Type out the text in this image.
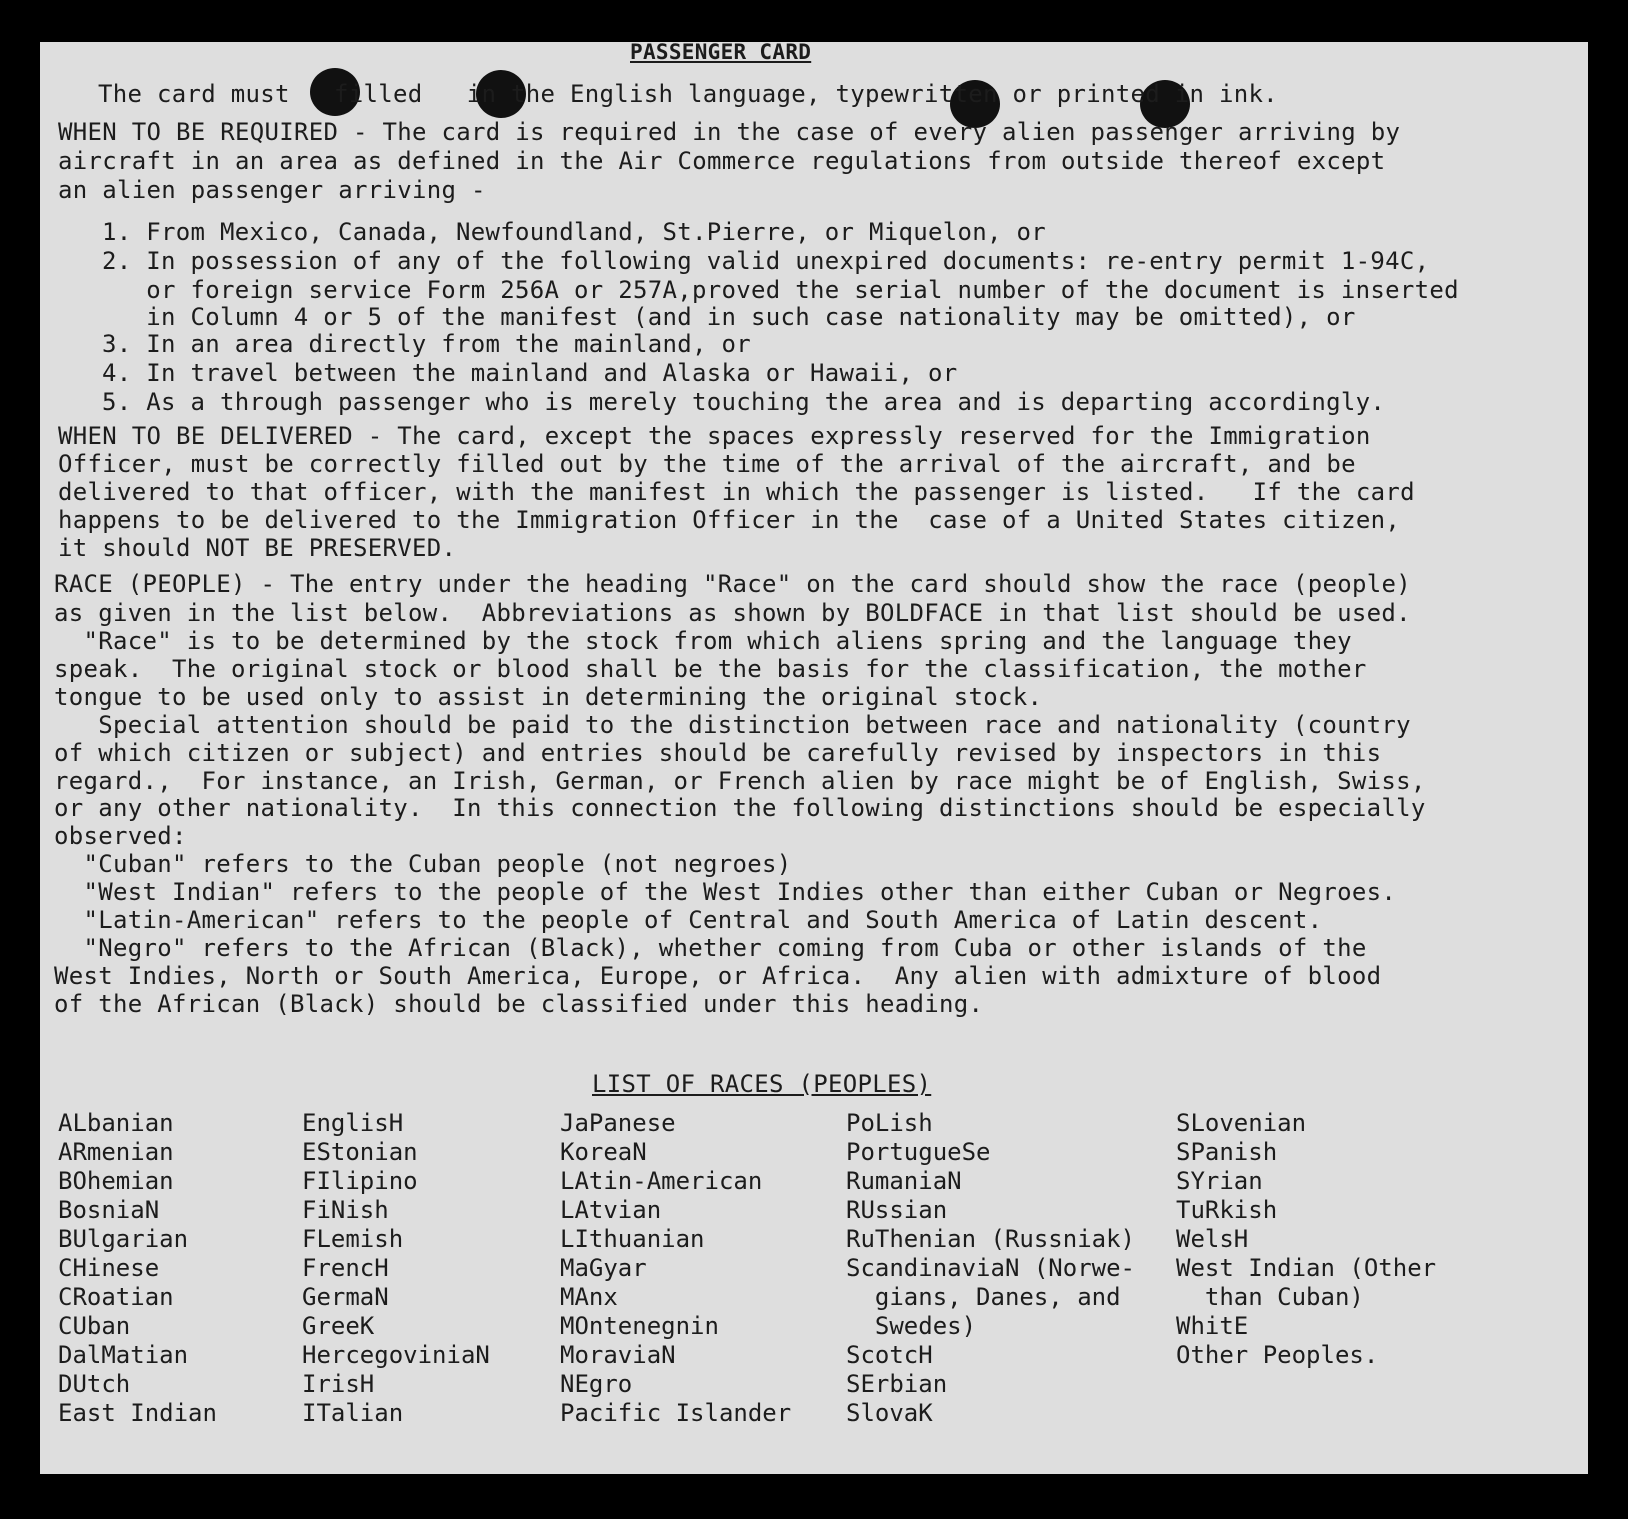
PASSENGER CARD
The card must   filled   in the English language, typewritten or printed in ink.
WHEN TO BE REQUIRED - The card is required in the case of every alien passenger arriving by
aircraft in an area as defined in the Air Commerce regulations from outside thereof except
an alien passenger arriving -
1. From Mexico, Canada, Newfoundland, St.Pierre, or Miquelon, or
2. In possession of any of the following valid unexpired documents: re-entry permit 1-94C,
or foreign service Form 256A or 257A,proved the serial number of the document is inserted
in Column 4 or 5 of the manifest (and in such case nationality may be omitted), or
3. In an area directly from the mainland, or
4. In travel between the mainland and Alaska or Hawaii, or
5. As a through passenger who is merely touching the area and is departing accordingly.
WHEN TO BE DELIVERED - The card, except the spaces expressly reserved for the Immigration
Officer, must be correctly filled out by the time of the arrival of the aircraft, and be
delivered to that officer, with the manifest in which the passenger is listed.   If the card
happens to be delivered to the Immigration Officer in the  case of a United States citizen,
it should NOT BE PRESERVED.
RACE (PEOPLE) - The entry under the heading "Race" on the card should show the race (people)
as given in the list below.  Abbreviations as shown by BOLDFACE in that list should be used.
"Race" is to be determined by the stock from which aliens spring and the language they
speak.  The original stock or blood shall be the basis for the classification, the mother
tongue to be used only to assist in determining the original stock.
Special attention should be paid to the distinction between race and nationality (country
of which citizen or subject) and entries should be carefully revised by inspectors in this
regard.,  For instance, an Irish, German, or French alien by race might be of English, Swiss,
or any other nationality.  In this connection the following distinctions should be especially
observed:
"Cuban" refers to the Cuban people (not negroes)
"West Indian" refers to the people of the West Indies other than either Cuban or Negroes.
"Latin-American" refers to the people of Central and South America of Latin descent.
"Negro" refers to the African (Black), whether coming from Cuba or other islands of the
West Indies, North or South America, Europe, or Africa.  Any alien with admixture of blood
of the African (Black) should be classified under this heading.
LIST OF RACES (PEOPLES)
ALbanian
ARmenian
BOhemian
BosniaN
BUlgarian
CHinese
CRoatian
CUban
DalMatian
DUtch
East Indian
EnglisH
EStonian
FIlipino
FiNish
FLemish
FrencH
GermaN
GreeK
HercegoviniaN
IrisH
ITalian
JaPanese
KoreaN
LAtin-American
LAtvian
LIthuanian
MaGyar
MAnx
MOntenegnin
MoraviaN
NEgro
Pacific Islander
PoLish
PortugueSe
RumaniaN
RUssian
RuThenian (Russniak)
ScandinaviaN (Norwe-
gians, Danes, and
Swedes)
ScotcH
SErbian
SlovaK
SLovenian
SPanish
SYrian
TuRkish
WelsH
West Indian (Other
than Cuban)
WhitE
Other Peoples.
